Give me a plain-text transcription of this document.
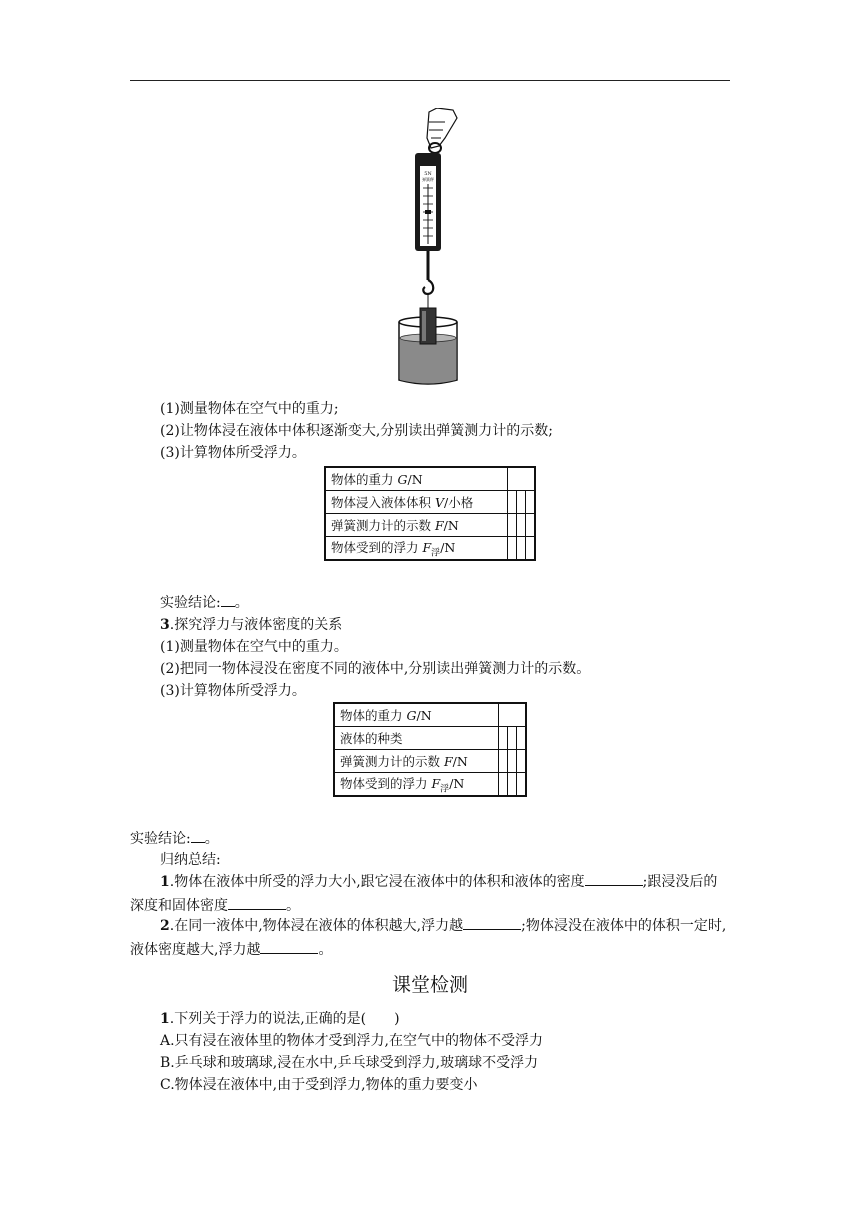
5N
弹簧秤
(1)测量物体在空气中的重力;
(2)让物体浸在液体中体积逐渐变大,分别读出弹簧测力计的示数;
(3)计算物体所受浮力。
物体的重力 G/N			
物体浸入液体体积 V/小格			
弹簧测力计的示数 F/N			
物体受到的浮力 $F_浮/N$			
实验结论: 。
3.探究浮力与液体密度的关系
(1)测量物体在空气中的重力。
(2)把同一物体浸没在密度不同的液体中,分别读出弹簧测力计的示数。
(3)计算物体所受浮力。
物体的重力 G/N			
液体的种类			
弹簧测力计的示数 F/N			
物体受到的浮力 $F_浮/N$			
实验结论: 。
归纳总结:
1.物体在液体中所受的浮力大小,跟它浸在液体中的体积和液体的密度	;跟浸没后的深度和固体密度	。
2.在同一液体中,物体浸在液体的体积越大,浮力越	;物体浸没在液体中的体积一定时,液体密度越大,浮力越	。
课堂检测
1.下列关于浮力的说法,正确的是(　　)
A.只有浸在液体里的物体才受到浮力,在空气中的物体不受浮力
B.乒乓球和玻璃球,浸在水中,乒乓球受到浮力,玻璃球不受浮力
C.物体浸在液体中,由于受到浮力,物体的重力要变小
